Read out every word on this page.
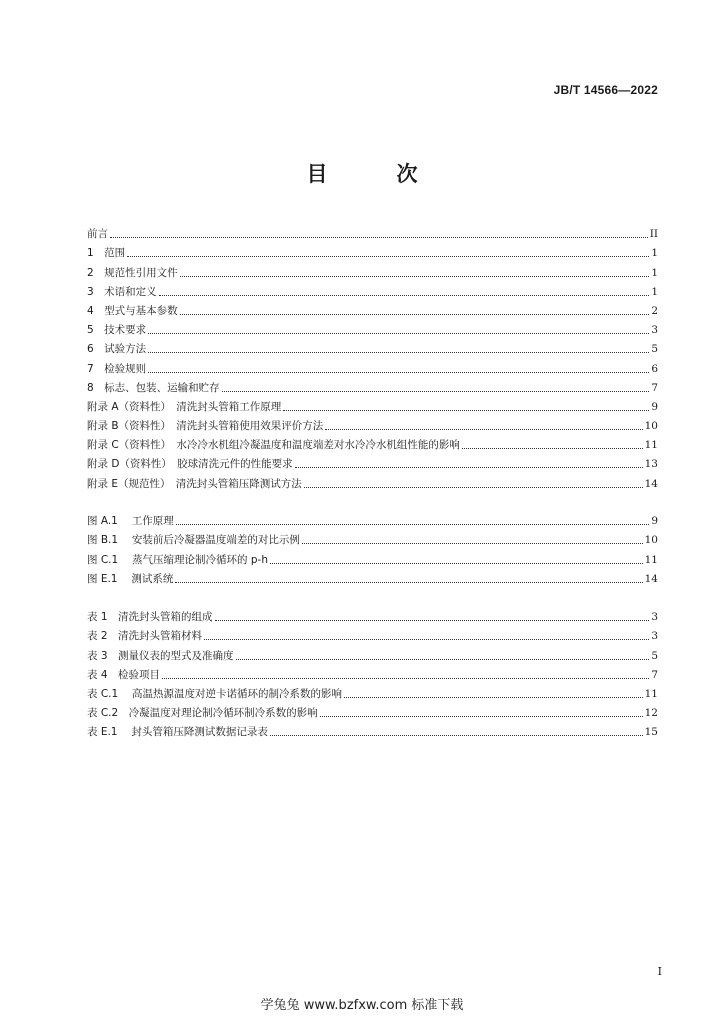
JB/T 14566—2022
目　次
前言	II
1　范围	1
2　规范性引用文件	1
3　术语和定义	1
4　型式与基本参数	2
5　技术要求	3
6　试验方法	5
7　检验规则	6
8　标志、包装、运输和贮存	7
附录 A（资料性）　清洗封头管箱工作原理	9
附录 B（资料性）　清洗封头管箱使用效果评价方法	10
附录 C（资料性）　水冷冷水机组冷凝温度和温度端差对水冷冷水机组性能的影响	11
附录 D（资料性）　胶球清洗元件的性能要求	13
附录 E（规范性）　清洗封头管箱压降测试方法	14
图 A.1　 工作原理	9
图 B.1　 安装前后冷凝器温度端差的对比示例	10
图 C.1　 蒸气压缩理论制冷循环的 p-h	11
图 E.1　 测试系统	14
表 1　清洗封头管箱的组成	3
表 2　清洗封头管箱材料	3
表 3　测量仪表的型式及准确度	5
表 4　检验项目	7
表 C.1　 高温热源温度对逆卡诺循环的制冷系数的影响	11
表 C.2　冷凝温度对理论制冷循环制冷系数的影响	12
表 E.1　 封头管箱压降测试数据记录表	15
I
学兔兔 www.bzfxw.com 标准下载
